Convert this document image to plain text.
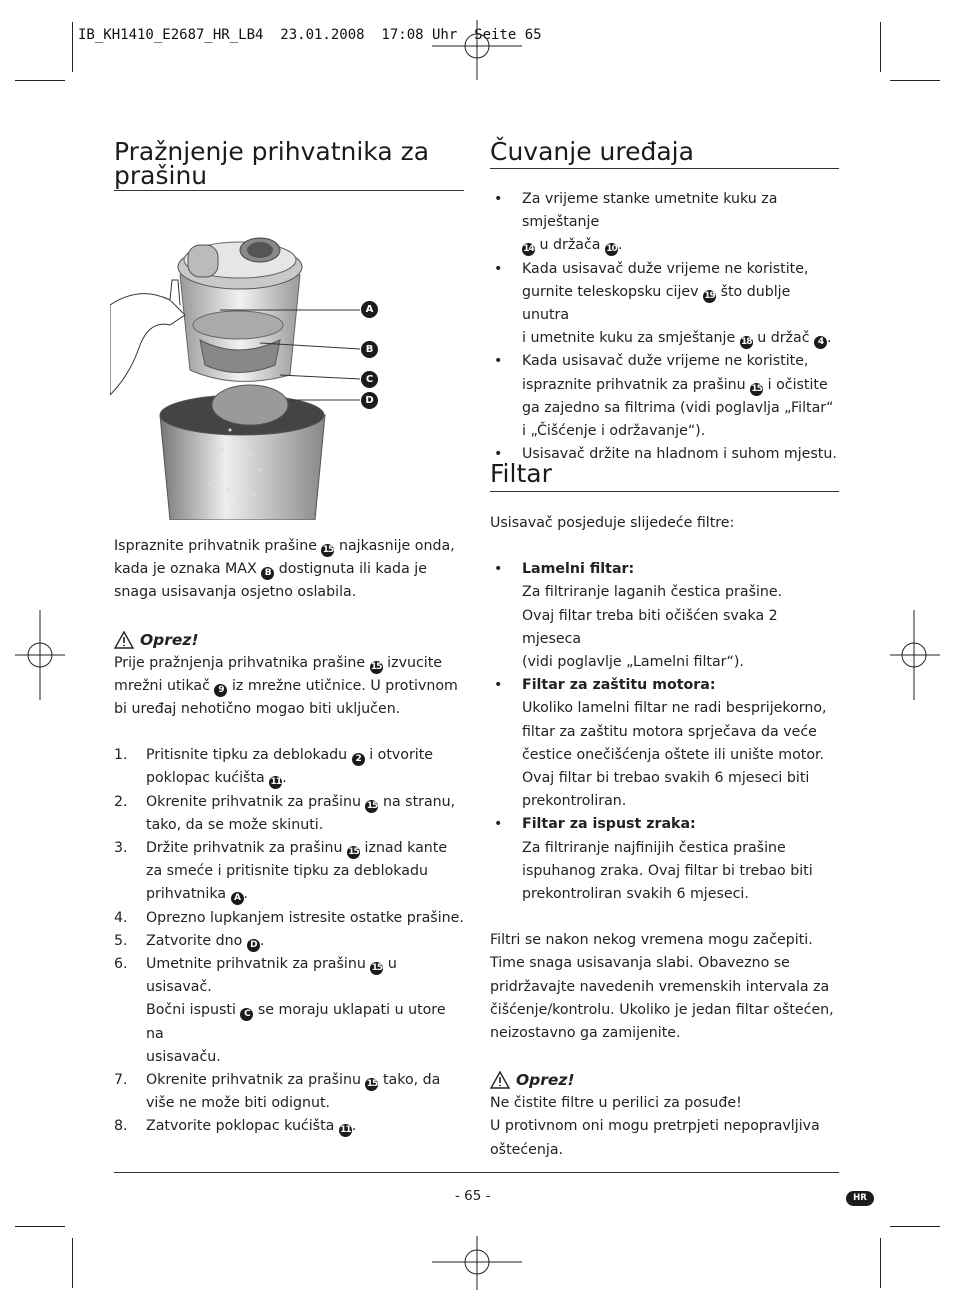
IB_KH1410_E2687_HR_LB4  23.01.2008  17:08 Uhr  Seite 65
Pražnjenje prihvatnika za
prašinu
A
B
C
D

Ispraznite prihvatnik prašine 15 najkasnije onda,

kada je oznaka MAX B dostignuta ili kada je

snaga usisavanja osjetno oslabila.

Oprez!

Prije pražnjenja prihvatnika prašine 15 izvucite

mrežni utikač 9 iz mrežne utičnice. U protivnom

bi uređaj nehotično mogao biti uključen.

1. Pritisnite tipku za deblokadu 2 i otvorite

poklopac kućišta 11.

2. Okrenite prihvatnik za prašinu 15 na stranu,

tako, da se može skinuti.

3. Držite prihvatnik za prašinu 15 iznad kante

za smeće i pritisnite tipku za deblokadu

prihvatnika A .

4. Oprezno lupkanjem istresite ostatke prašine.

5. Zatvorite dno D .

6. Umetnite prihvatnik za prašinu 15 u usisavač.

Bočni ispusti C se moraju uklapati u utore na

usisavaču.

7. Okrenite prihvatnik za prašinu 15 tako, da

više ne može biti odignut.

8. Zatvorite poklopac kućišta 11.

Čuvanje uređaja

• Za vrijeme stanke umetnite kuku za smještanje

14 u držača 10.

• Kada usisavač duže vrijeme ne koristite,

gurnite teleskopsku cijev 19 što dublje unutra

i umetnite kuku za smještanje 18 u držač 4 .

• Kada usisavač duže vrijeme ne koristite,

ispraznite prihvatnik za prašinu 15 i očistite

ga zajedno sa filtrima (vidi poglavlja „Filtar“

i „Čišćenje i održavanje“).

• Usisavač držite na hladnom i suhom mjestu.

Filtar

Usisavač posjeduje slijedeće filtre:

• Lamelni filtar:

Za filtriranje laganih čestica prašine.

Ovaj filtar treba biti očišćen svaka 2 mjeseca

(vidi poglavlje „Lamelni filtar“).

• Filtar za zaštitu motora:

Ukoliko lamelni filtar ne radi besprijekorno,

filtar za zaštitu motora sprječava da veće

čestice onečišćenja oštete ili unište motor.

Ovaj filtar bi trebao svakih 6 mjeseci biti

prekontroliran.

• Filtar za ispust zraka:

Za filtriranje najfinijih čestica prašine

ispuhanog zraka. Ovaj filtar bi trebao biti

prekontroliran svakih 6 mjeseci.

Filtri se nakon nekog vremena mogu začepiti.

Time snaga usisavanja slabi. Obavezno se

pridržavajte navedenih vremenskih intervala za

čišćenje/kontrolu. Ukoliko je jedan filtar oštećen,

neizostavno ga zamijenite.

Oprez!

Ne čistite filtre u perilici za posuđe!

U protivnom oni mogu pretrpjeti nepopravljiva

oštećenja.

- 65 -	HR
